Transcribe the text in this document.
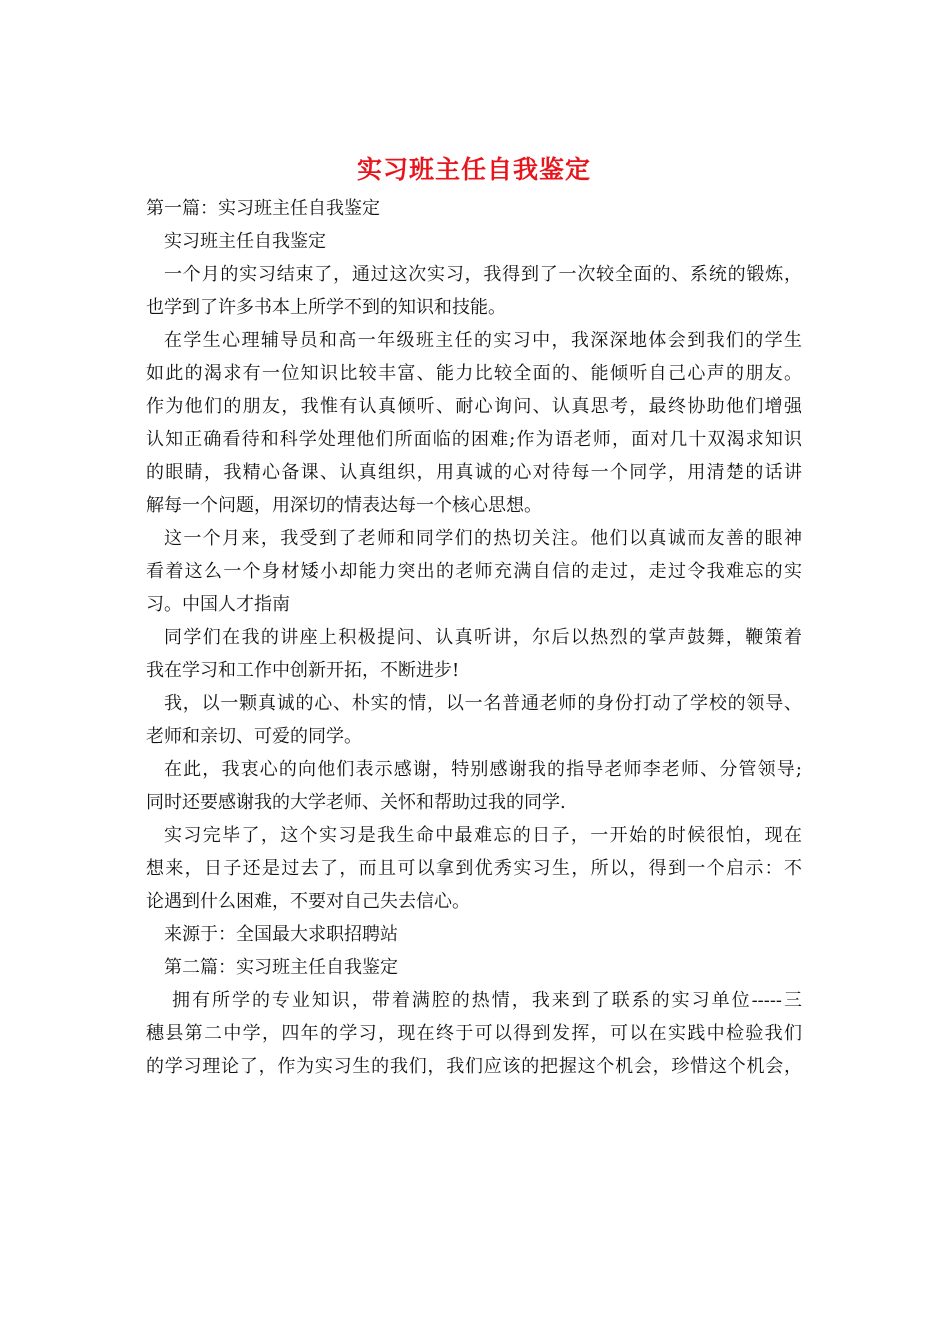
实习班主任自我鉴定

第一篇：实习班主任自我鉴定

实习班主任自我鉴定

一个月的实习结束了，通过这次实习，我得到了一次较全面的、系统的锻炼，

也学到了许多书本上所学不到的知识和技能。

在学生心理辅导员和高一年级班主任的实习中，我深深地体会到我们的学生

如此的渴求有一位知识比较丰富、能力比较全面的、能倾听自己心声的朋友。

作为他们的朋友，我惟有认真倾听、耐心询问、认真思考，最终协助他们增强

认知正确看待和科学处理他们所面临的困难;作为语老师，面对几十双渴求知识

的眼睛，我精心备课、认真组织，用真诚的心对待每一个同学，用清楚的话讲

解每一个问题，用深切的情表达每一个核心思想。

这一个月来，我受到了老师和同学们的热切关注。他们以真诚而友善的眼神

看着这么一个身材矮小却能力突出的老师充满自信的走过，走过令我难忘的实

习。中国人才指南

同学们在我的讲座上积极提问、认真听讲，尔后以热烈的掌声鼓舞，鞭策着

我在学习和工作中创新开拓，不断进步!

我，以一颗真诚的心、朴实的情，以一名普通老师的身份打动了学校的领导、

老师和亲切、可爱的同学。

在此，我衷心的向他们表示感谢，特别感谢我的指导老师李老师、分管领导;

同时还要感谢我的大学老师、关怀和帮助过我的同学.

实习完毕了，这个实习是我生命中最难忘的日子，一开始的时候很怕，现在

想来，日子还是过去了，而且可以拿到优秀实习生，所以，得到一个启示：不

论遇到什么困难，不要对自己失去信心。

来源于：全国最大求职招聘站

第二篇：实习班主任自我鉴定

拥有所学的专业知识，带着满腔的热情，我来到了联系的实习单位-----三

穗县第二中学，四年的学习，现在终于可以得到发挥，可以在实践中检验我们

的学习理论了，作为实习生的我们，我们应该的把握这个机会，珍惜这个机会，
